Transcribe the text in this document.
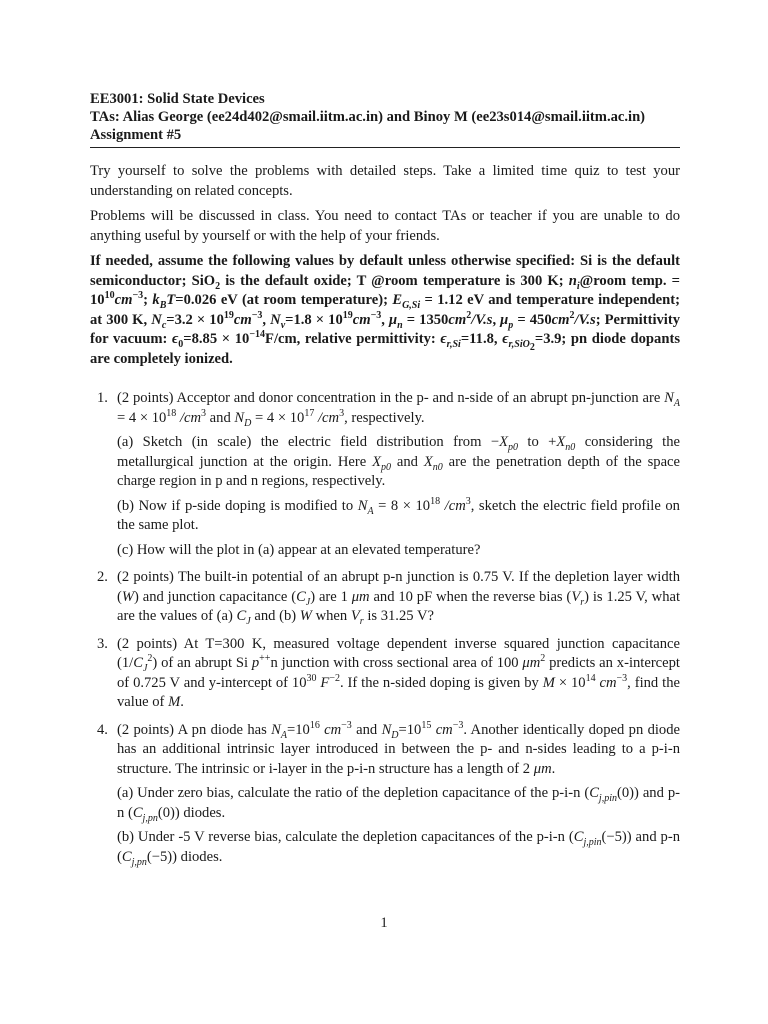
EE3001: Solid State Devices
TAs: Alias George (ee24d402@smail.iitm.ac.in) and Binoy M (ee23s014@smail.iitm.ac.in)
Assignment #5

Try yourself to solve the problems with detailed steps. Take a limited time quiz to test your understanding on related concepts.

Problems will be discussed in class. You need to contact TAs or teacher if you are unable to do anything useful by yourself or with the help of your friends.

If needed, assume the following values by default unless otherwise specified: Si is the default semiconductor; SiO$_2$ is the default oxide; T @room temperature is 300 K; $n_i@room$ temp. = $10^{10}cm^{-3}$; $k_BT=0.026$ eV (at room temperature); $E_{G,Si} = 1.12$ eV and temperature independent; at 300 K, $N_c=3.2 \times 10^{19}cm^{-3}$, $N_v=1.8 \times 10^{19}cm^{-3}$, $\mu_n = 1350cm^2/V.s$, $\mu_p = 450cm^2/V.s$; Permittivity for vacuum: $\epsilon_0=8.85 \times 10^{-14}F/cm$, relative permittivity: $\epsilon_{r,Si}=11.8$, $\epsilon_{r,SiO_2}=3.9$; pn diode dopants are completely ionized.

1. (2 points) Acceptor and donor concentration in the p- and n-side of an abrupt pn-junction are $N_A = 4 \times 10^{18}$ $/cm^3$ and $N_D = 4 \times 10^{17}$ $/cm^3$, respectively.

(a) Sketch (in scale) the electric field distribution from $-X_{p0}$ to $+X_{n0}$ considering the metallurgical junction at the origin. Here $X_{p0}$ and $X_{n0}$ are the penetration depth of the space charge region in p and n regions, respectively.

(b) Now if p-side doping is modified to $N_A = 8 \times 10^{18}$ $/cm^3$, sketch the electric field profile on the same plot.

(c) How will the plot in (a) appear at an elevated temperature?

2. (2 points) The built-in potential of an abrupt p-n junction is 0.75 V. If the depletion layer width (W) and junction capacitance $(C_J)$ are 1 μm and 10 pF when the reverse bias $(V_r)$ is 1.25 V, what are the values of (a) $C_J$ and (b) W when $V_r$ is 31.25 V?

3. (2 points) At T=300 K, measured voltage dependent inverse squared junction capacitance $(1/C_J^2)$ of an abrupt Si p++n junction with cross sectional area of 100 $\mu m^2$ predicts an x-intercept of 0.725 V and y-intercept of $10^{30}$ $F^{-2}$. If the n-sided doping is given by $M \times 10^{14}$ $cm^{-3}$, find the value of M.

4. (2 points) A pn diode has $N_A=10^{16}$ $cm^{-3}$ and $N_D=10^{15}$ $cm^{-3}$. Another identically doped pn diode has an additional intrinsic layer introduced in between the p- and n-sides leading to a p-i-n structure. The intrinsic or i-layer in the p-i-n structure has a length of 2 μm.

(a) Under zero bias, calculate the ratio of the depletion capacitance of the p-i-n $(C_{j,pin}(0))$ and p-n $(C_{j,pn}(0))$ diodes.

(b) Under -5 V reverse bias, calculate the depletion capacitances of the p-i-n $(C_{j,pin}(-5))$ and p-n $(C_{j,pn}(-5))$ diodes.

1
